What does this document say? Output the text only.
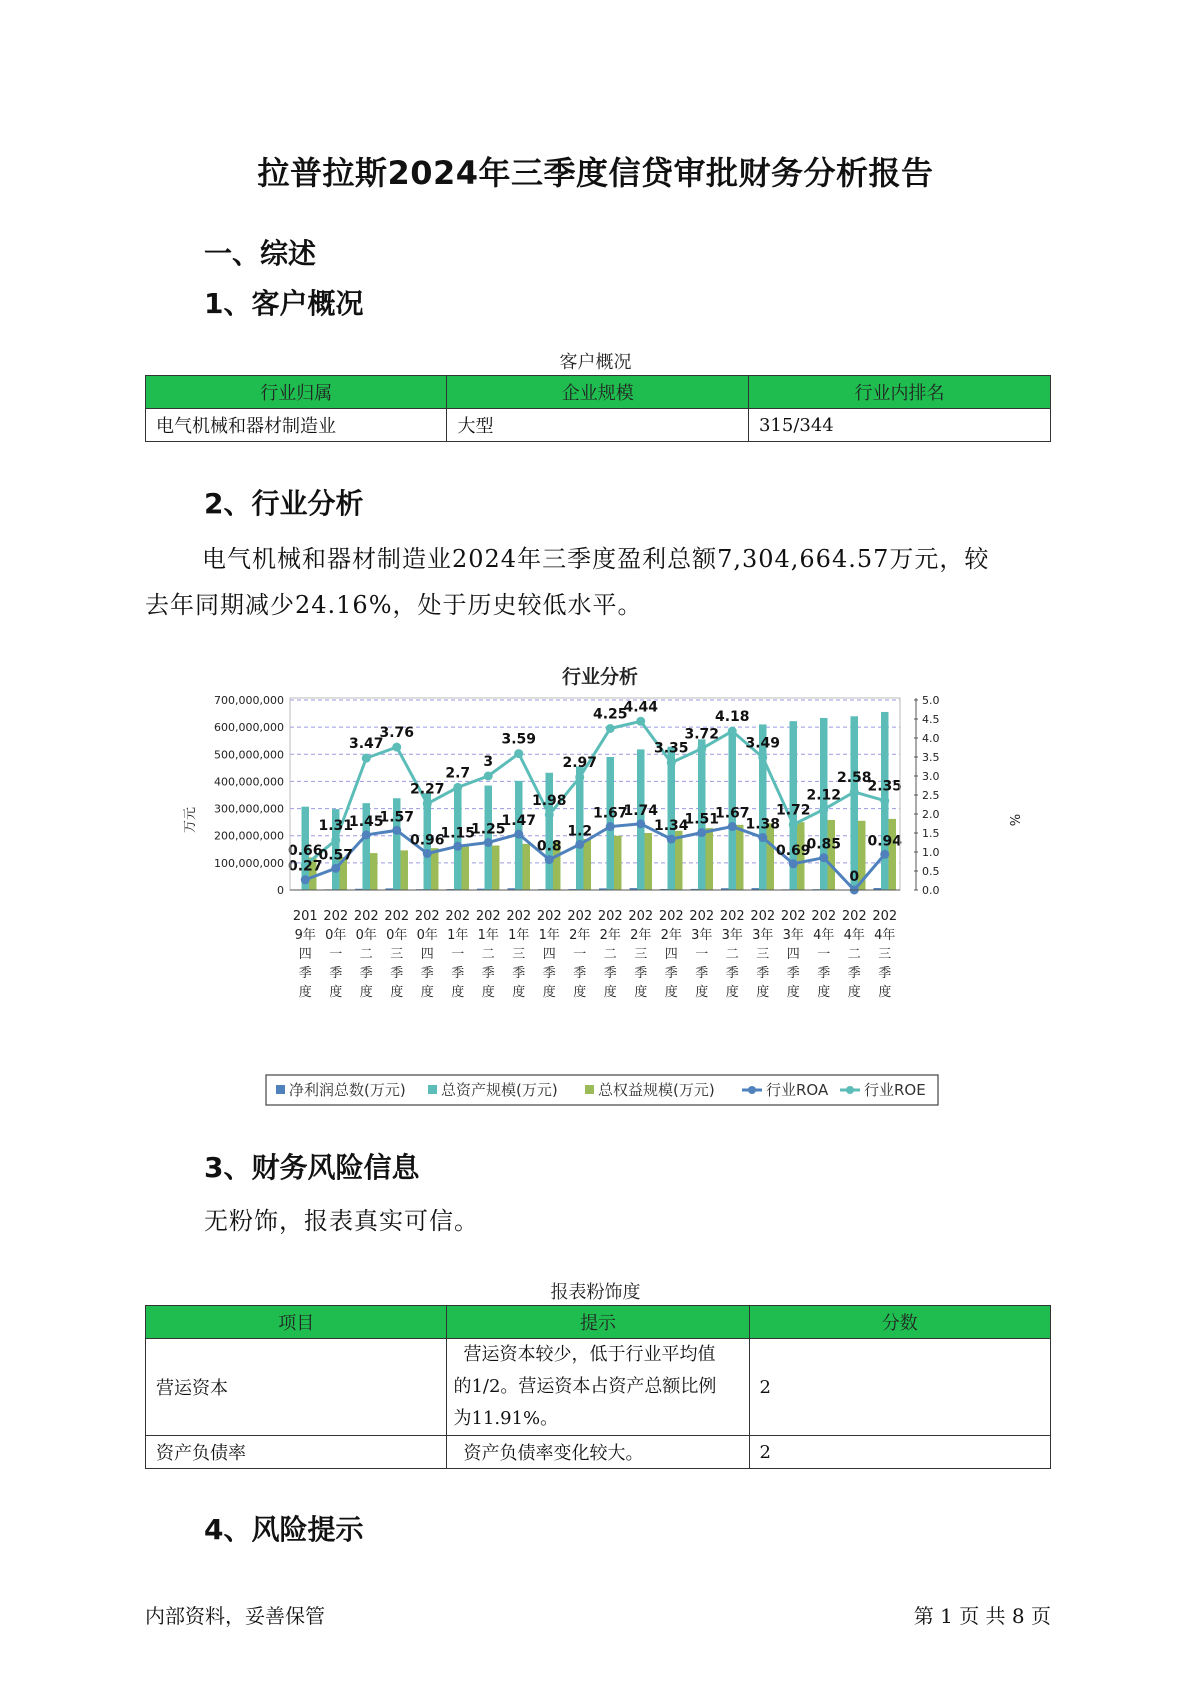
拉普拉斯2024年三季度信贷审批财务分析报告
一、综述
1、客户概况
客户概况
行业归属	企业规模	行业内排名
电气机械和器材制造业	大型	315/344
2、行业分析
电气机械和器材制造业2024年三季度盈利总额7,304,664.57万元，较
去年同期减少24.16%，处于历史较低水平。
行业分析
0.66
1.31
3.47
3.76
2.27
2.7
3
3.59
1.98
2.97
4.25
4.44
3.35
3.72
4.18
3.49
1.72
2.12
2.58
2.35
0.27
0.57
1.45
1.57
0.96
1.15
1.25
1.47
0.8
1.2
1.67
1.74
1.34
1.51
1.67
1.38
0.69
0.85
0
0.94
700,000,000
600,000,000
500,000,000
400,000,000
300,000,000
200,000,000
100,000,000
0
5.0
4.5
4.0
3.5
3.0
2.5
2.0
1.5
1.0
0.5
0.0
201
9年
四
季
度
202
0年
一
季
度
202
0年
二
季
度
202
0年
三
季
度
202
0年
四
季
度
202
1年
一
季
度
202
1年
二
季
度
202
1年
三
季
度
202
1年
四
季
度
202
2年
一
季
度
202
2年
二
季
度
202
2年
三
季
度
202
2年
四
季
度
202
3年
一
季
度
202
3年
二
季
度
202
3年
三
季
度
202
3年
四
季
度
202
4年
一
季
度
202
4年
二
季
度
202
4年
三
季
度
万元	%
净利润总数(万元) 总资产规模(万元)	总权益规模(万元)	行业ROA 行业ROE
3、财务风险信息
无粉饰，报表真实可信。
报表粉饰度
项目	提示	分数
营运资本	营运资本较少，低于行业平均值
的1/2。营运资本占资产总额比例
为11.91%。	2
资产负债率	资产负债率变化较大。	2
4、风险提示
内部资料，妥善保管	第 1 页 共 8 页
